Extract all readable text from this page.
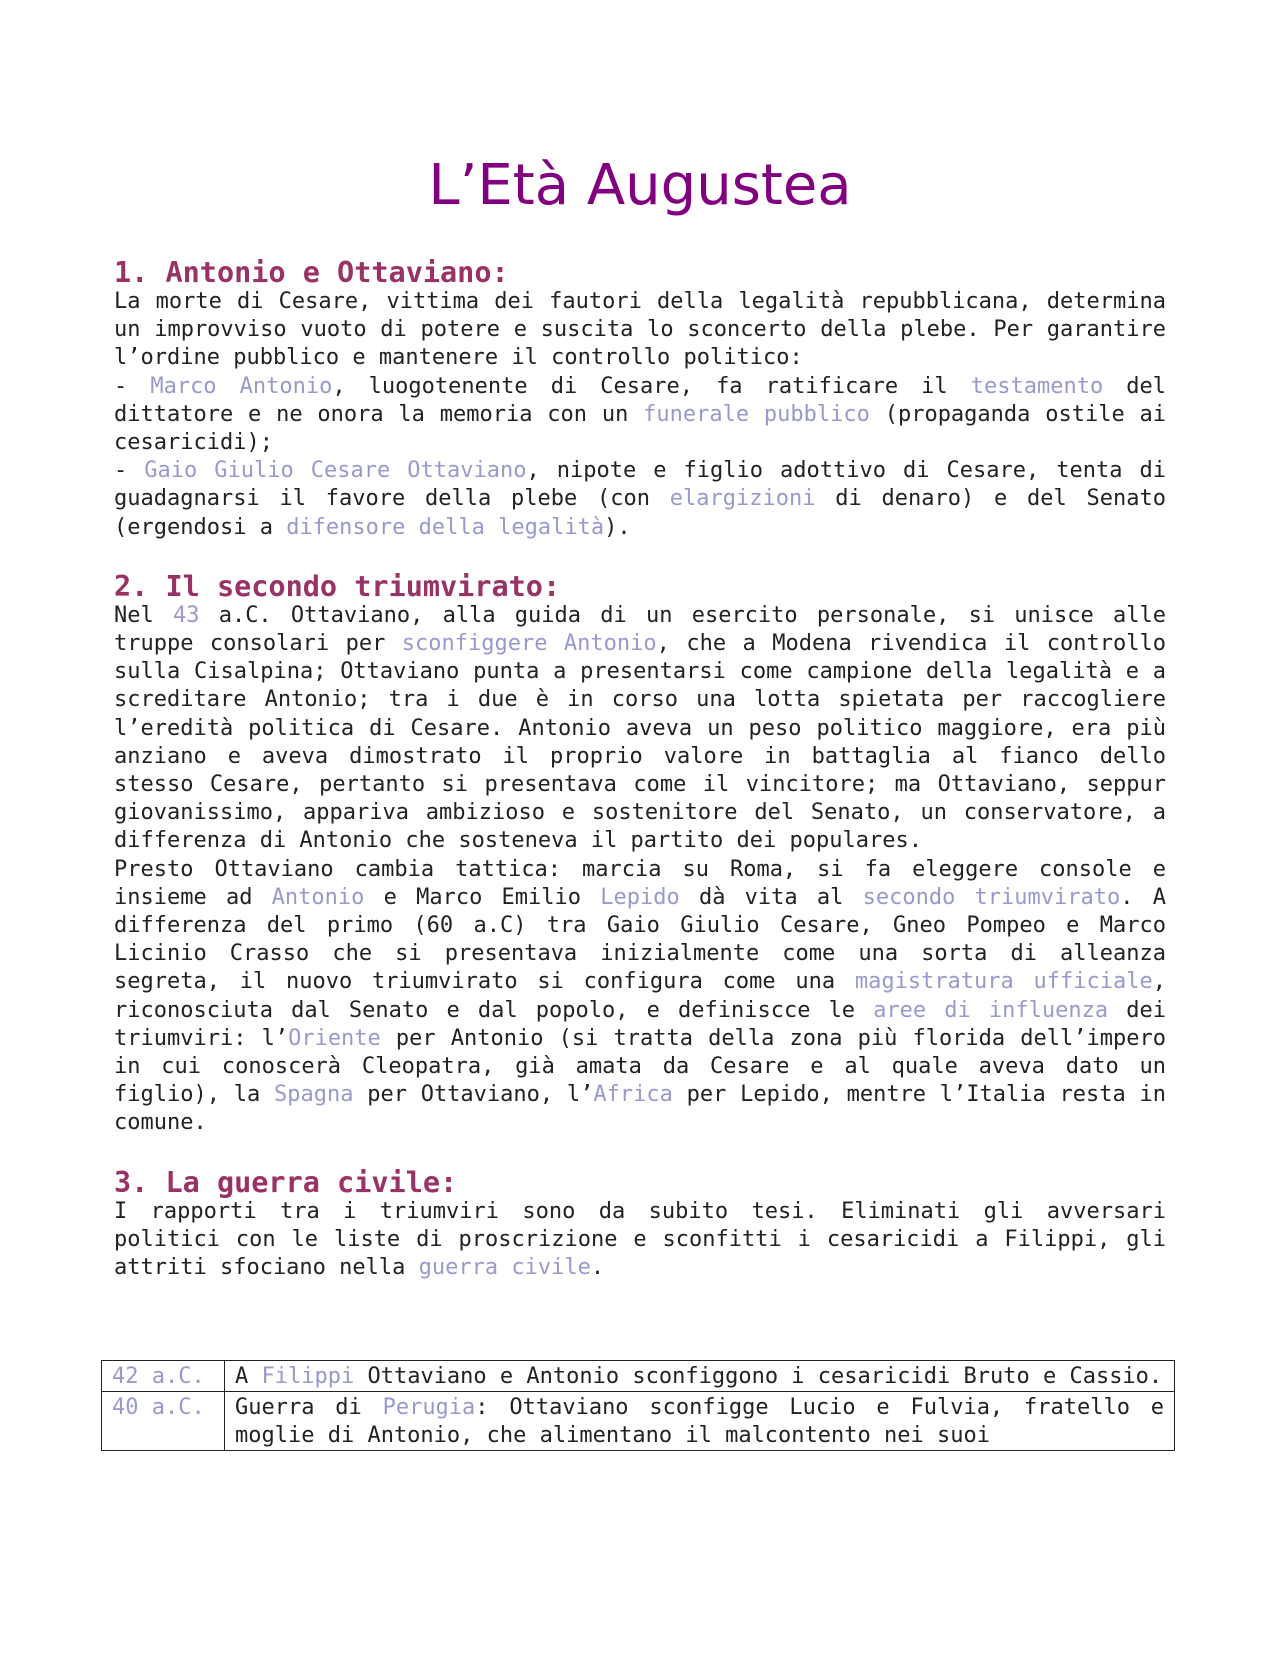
L’Età Augustea
1. Antonio e Ottaviano:

La morte di Cesare, vittima dei fautori della legalità repubblicana, determina un improvviso vuoto di potere e suscita lo sconcerto della plebe. Per garantire l’ordine pubblico e mantenere il controllo politico:

- Marco Antonio, luogotenente di Cesare, fa ratificare il testamento del dittatore e ne onora la memoria con un funerale pubblico (propaganda ostile ai cesaricidi);

- Gaio Giulio Cesare Ottaviano, nipote e figlio adottivo di Cesare, tenta di guadagnarsi il favore della plebe (con elargizioni di denaro) e del Senato (ergendosi a difensore della legalità).

2. Il secondo triumvirato:

Nel 43 a.C. Ottaviano, alla guida di un esercito personale, si unisce alle truppe consolari per sconfiggere Antonio, che a Modena rivendica il controllo sulla Cisalpina; Ottaviano punta a presentarsi come campione della legalità e a screditare Antonio; tra i due è in corso una lotta spietata per raccogliere l’eredità politica di Cesare. Antonio aveva un peso politico maggiore, era più anziano e aveva dimostrato il proprio valore in battaglia al fianco dello stesso Cesare, pertanto si presentava come il vincitore; ma Ottaviano, seppur giovanissimo, appariva ambizioso e sostenitore del Senato, un conservatore, a differenza di Antonio che sosteneva il partito dei populares.

Presto Ottaviano cambia tattica: marcia su Roma, si fa eleggere console e insieme ad Antonio e Marco Emilio Lepido dà vita al secondo triumvirato. A differenza del primo (60 a.C) tra Gaio Giulio Cesare, Gneo Pompeo e Marco Licinio Crasso che si presentava inizialmente come una sorta di alleanza segreta, il nuovo triumvirato si configura come una magistratura ufficiale, riconosciuta dal Senato e dal popolo, e definiscce le aree di influenza dei triumviri: l’Oriente per Antonio (si tratta della zona più florida dell’impero in cui conoscerà Cleopatra, già amata da Cesare e al quale aveva dato un figlio), la Spagna per Ottaviano, l’Africa per Lepido, mentre l’Italia resta in comune.

3. La guerra civile:

I rapporti tra i triumviri sono da subito tesi. Eliminati gli avversari politici con le liste di proscrizione e sconfitti i cesaricidi a Filippi, gli attriti sfociano nella guerra civile.

42 a.C.	A Filippi Ottaviano e Antonio sconfiggono i cesaricidi Bruto e Cassio.
40 a.C.	Guerra di Perugia: Ottaviano sconfigge Lucio e Fulvia, fratello e moglie di Antonio, che alimentano il malcontento nei suoi
